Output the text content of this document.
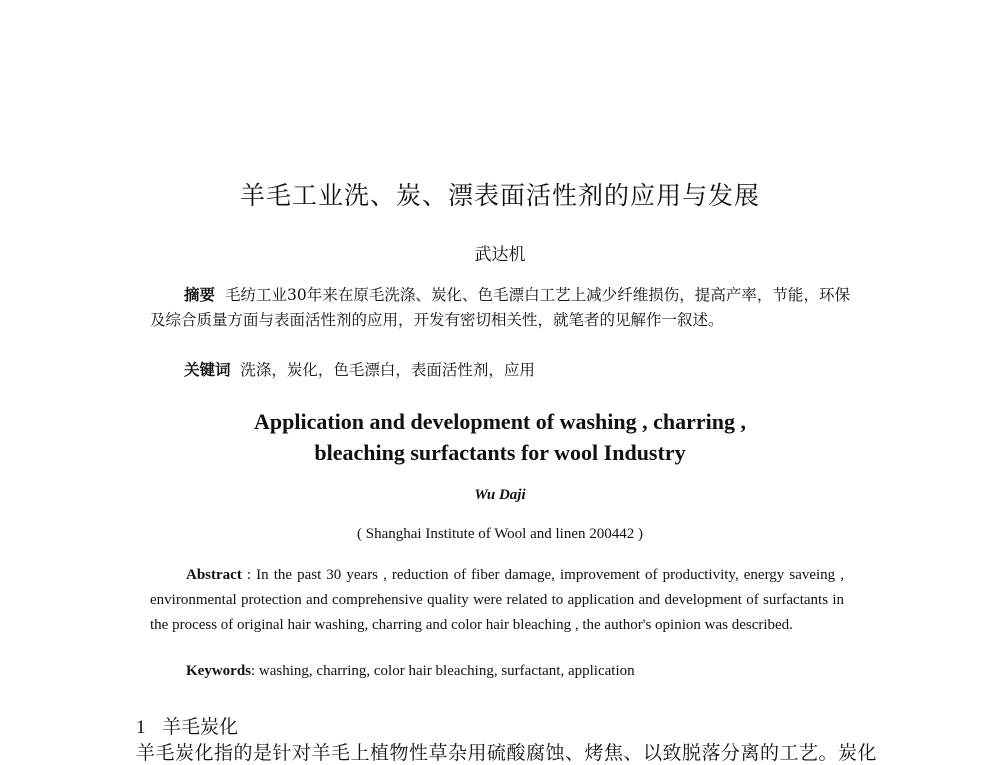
羊毛工业洗、炭、漂表面活性剂的应用与发展
武达机
摘要 毛纺工业30年来在原毛洗涤、炭化、色毛漂白工艺上减少纤维损伤，提高产率，节能，环保及综合质量方面与表面活性剂的应用，开发有密切相关性，就笔者的见解作一叙述。
关键词 洗涤，炭化，色毛漂白，表面活性剂，应用
Application and development of washing , charring ,
bleaching surfactants for wool Industry
Wu Daji
( Shanghai Institute of Wool and linen 200442 )
Abstract : In the past 30 years , reduction of fiber damage, improvement of productivity, energy saveing , environmental protection and comprehensive quality were related to application and development of surfactants in the process of original hair washing, charring and color hair bleaching , the author's opinion was described.
Keywords: washing, charring, color hair bleaching, surfactant, application
1 羊毛炭化
羊毛炭化指的是针对羊毛上植物性草杂用硫酸腐蚀、烤焦、以致脱落分离的工艺。炭化
